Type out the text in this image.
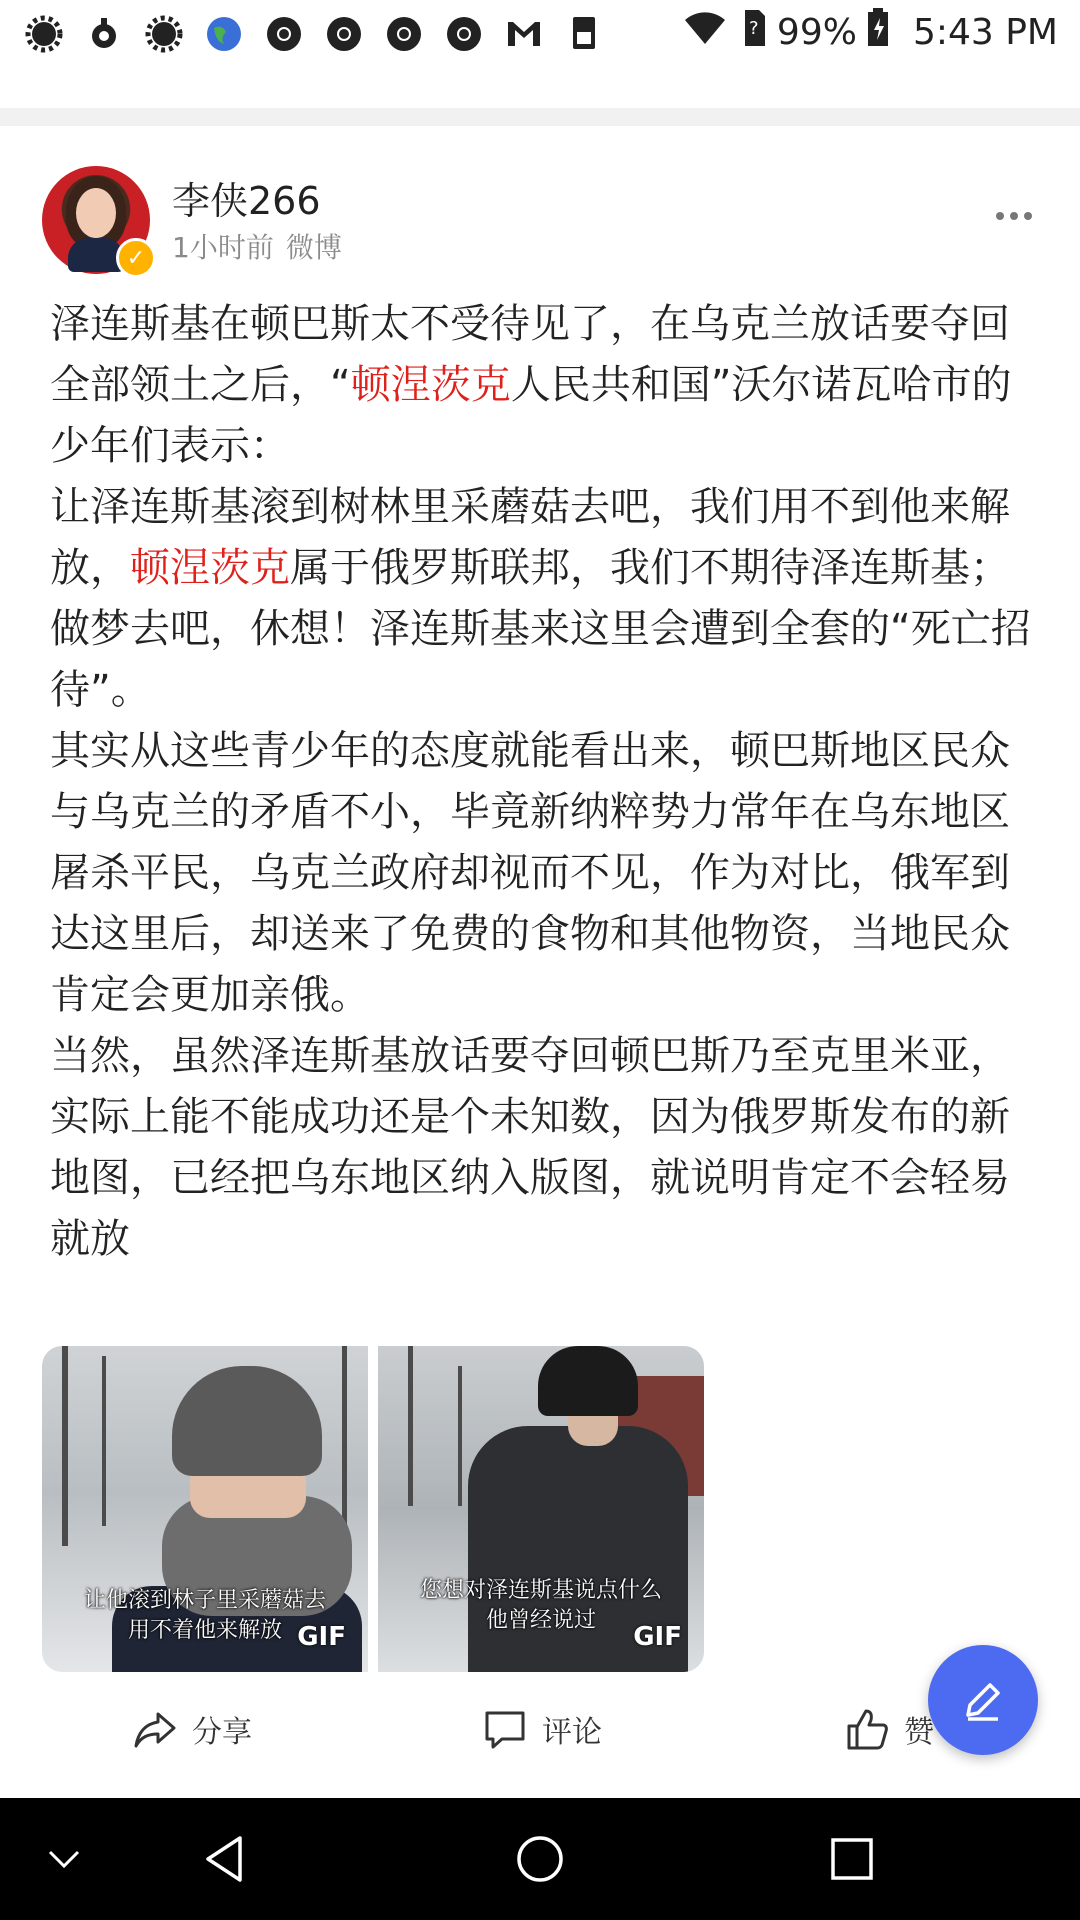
? 99% 5:43 PM
✓
李侠266
1小时前 微博

泽连斯基在顿巴斯太不受待见了，在乌克兰放话要夺回全部领土之后，“顿涅茨克人民共和国”沃尔诺瓦哈市的少年们表示：

让泽连斯基滚到树林里采蘑菇去吧，我们用不到他来解放，顿涅茨克属于俄罗斯联邦，我们不期待泽连斯基；

做梦去吧，休想！泽连斯基来这里会遭到全套的“死亡招待”。

其实从这些青少年的态度就能看出来，顿巴斯地区民众与乌克兰的矛盾不小，毕竟新纳粹势力常年在乌东地区屠杀平民，乌克兰政府却视而不见，作为对比，俄军到达这里后，却送来了免费的食物和其他物资，当地民众肯定会更加亲俄。

当然，虽然泽连斯基放话要夺回顿巴斯乃至克里米亚，实际上能不能成功还是个未知数，因为俄罗斯发布的新地图，已经把乌东地区纳入版图，就说明肯定不会轻易就放

让他滚到林子里采蘑菇去
用不着他来解放 GIF
您想对泽连斯基说点什么
他曾经说过
GIF
分享	评论	赞
